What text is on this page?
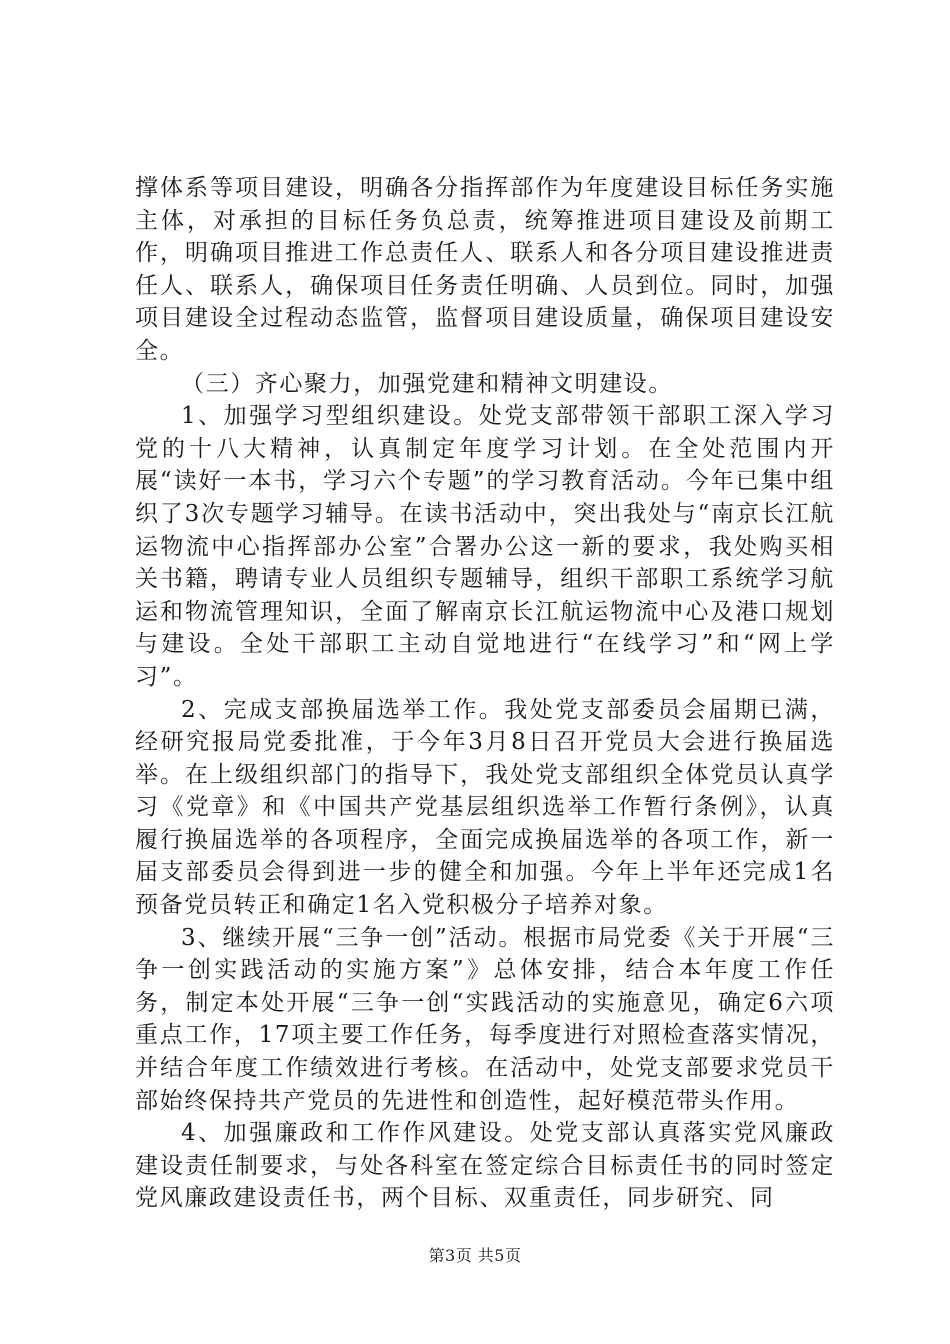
撑体系等项目建设，明确各分指挥部作为年度建设目标任务实施主体，对承担的目标任务负总责，统筹推进项目建设及前期工作，明确项目推进工作总责任人、联系人和各分项目建设推进责任人、联系人，确保项目任务责任明确、人员到位。同时，加强项目建设全过程动态监管，监督项目建设质量，确保项目建设安全。

（三）齐心聚力，加强党建和精神文明建设。

1、加强学习型组织建设。处党支部带领干部职工深入学习党的十八大精神，认真制定年度学习计划。在全处范围内开展“读好一本书，学习六个专题”的学习教育活动。今年已集中组织了3次专题学习辅导。在读书活动中，突出我处与“南京长江航运物流中心指挥部办公室”合署办公这一新的要求，我处购买相关书籍，聘请专业人员组织专题辅导，组织干部职工系统学习航运和物流管理知识，全面了解南京长江航运物流中心及港口规划与建设。全处干部职工主动自觉地进行“在线学习”和“网上学习”。

2、完成支部换届选举工作。我处党支部委员会届期已满，经研究报局党委批准，于今年3月8日召开党员大会进行换届选举。在上级组织部门的指导下，我处党支部组织全体党员认真学习《党章》和《中国共产党基层组织选举工作暂行条例》，认真履行换届选举的各项程序，全面完成换届选举的各项工作，新一届支部委员会得到进一步的健全和加强。今年上半年还完成1名预备党员转正和确定1名入党积极分子培养对象。

3、继续开展“三争一创”活动。根据市局党委《关于开展“三争一创实践活动的实施方案”》总体安排，结合本年度工作任务，制定本处开展“三争一创“实践活动的实施意见，确定6六项重点工作，17项主要工作任务，每季度进行对照检查落实情况，并结合年度工作绩效进行考核。在活动中，处党支部要求党员干部始终保持共产党员的先进性和创造性，起好模范带头作用。

4、加强廉政和工作作风建设。处党支部认真落实党风廉政建设责任制要求，与处各科室在签定综合目标责任书的同时签定党风廉政建设责任书，两个目标、双重责任，同步研究、同

第3页 共5页
